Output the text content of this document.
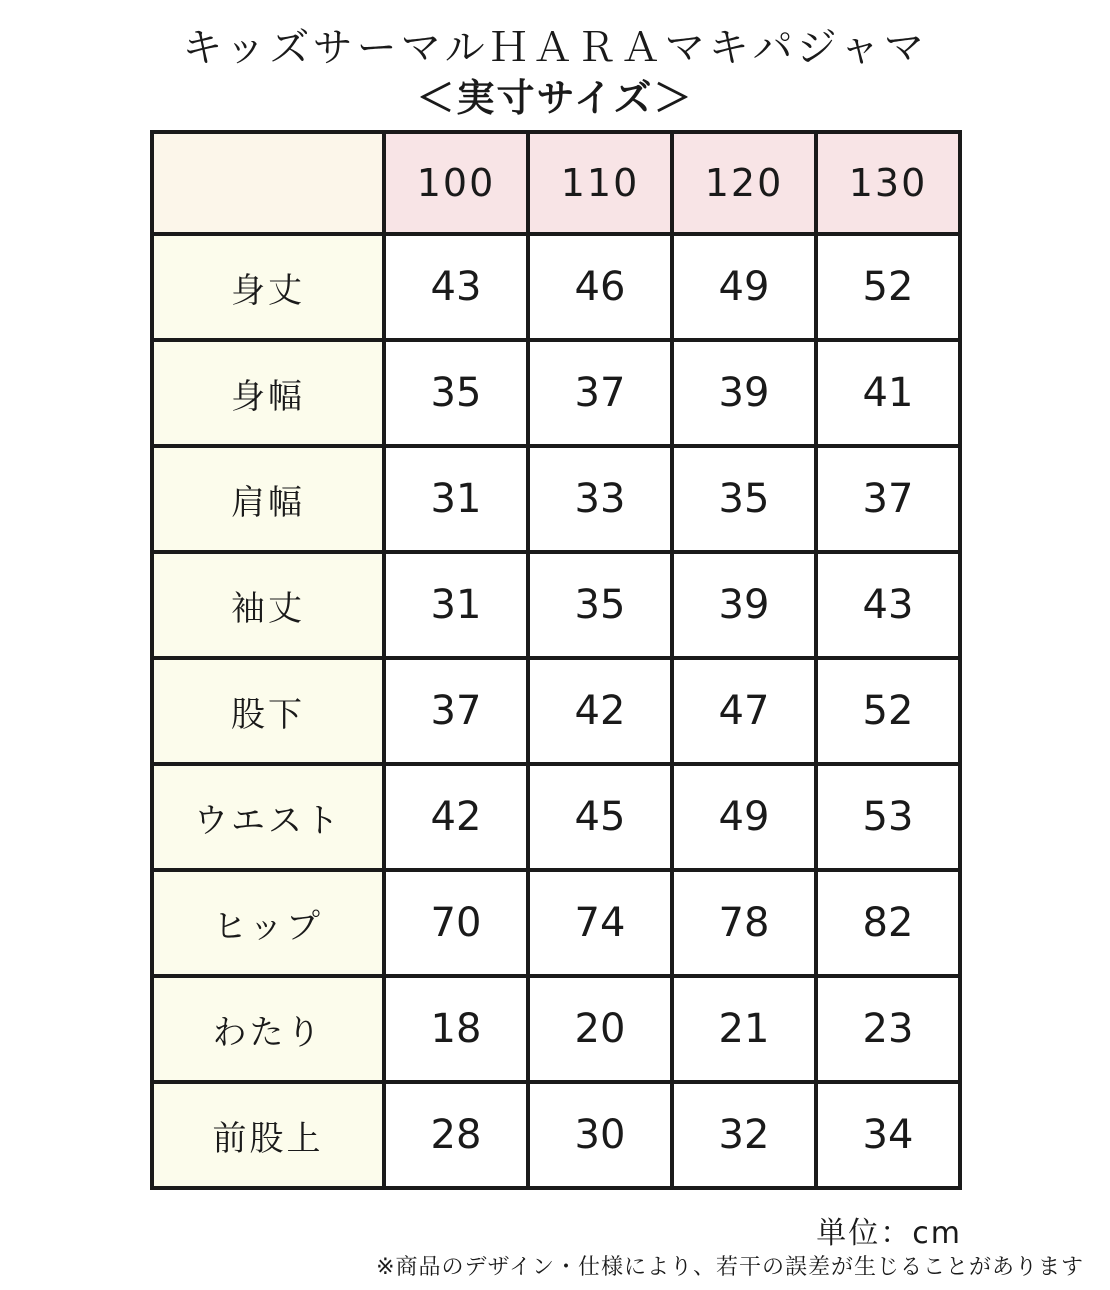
キッズサーマルＨＡＲＡマキパジャマ
＜実寸サイズ＞
	100	110	120	130
身丈	43	46	49	52
身幅	35	37	39	41
肩幅	31	33	35	37
袖丈	31	35	39	43
股下	37	42	47	52
ウエスト	42	45	49	53
ヒップ	70	74	78	82
わたり	18	20	21	23
前股上	28	30	32	34
単位：cm
※商品のデザイン・仕様により、若干の誤差が生じることがあります
